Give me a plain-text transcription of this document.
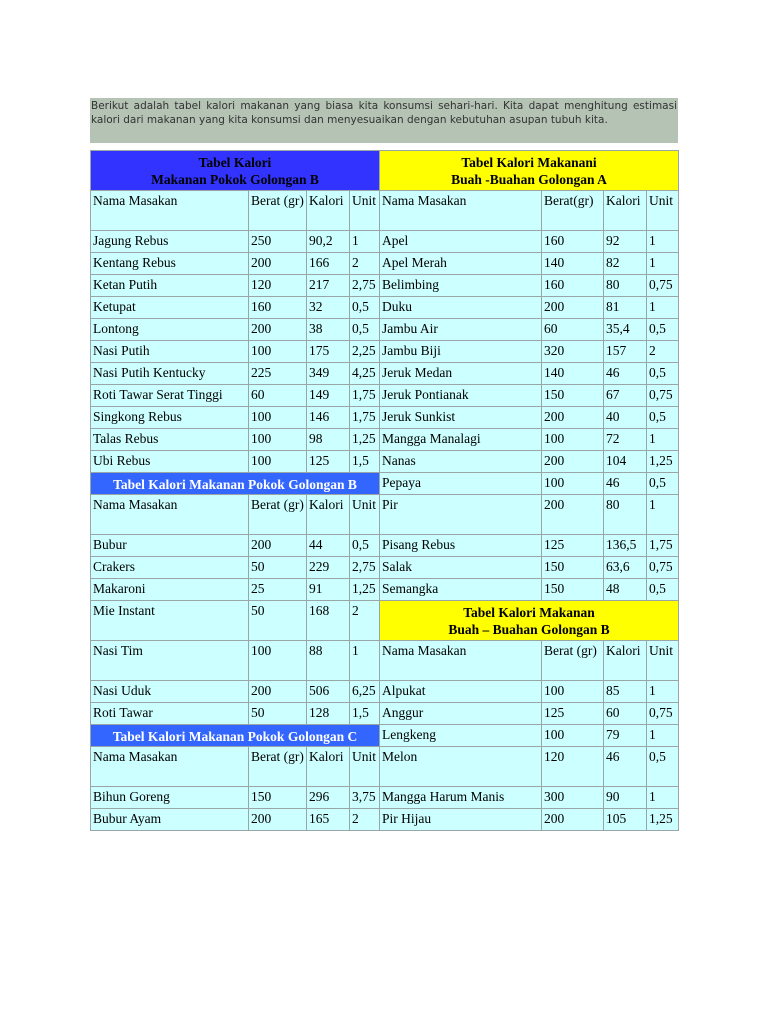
Berikut adalah tabel kalori makanan yang biasa kita konsumsi sehari-hari. Kita dapat menghitung estimasi kalori dari makanan yang kita konsumsi dan menyesuaikan dengan kebutuhan asupan tubuh kita.
Tabel Kalori
Makanan Pokok Golongan B				Tabel Kalori Makanani
Buah -Buahan Golongan A			
Nama Masakan	Berat (gr)	Kalori	Unit	Nama Masakan	Berat(gr)	Kalori	Unit
Jagung Rebus	250	90,2	1	Apel	160	92	1
Kentang Rebus	200	166	2	Apel Merah	140	82	1
Ketan Putih	120	217	2,75	Belimbing	160	80	0,75
Ketupat	160	32	0,5	Duku	200	81	1
Lontong	200	38	0,5	Jambu Air	60	35,4	0,5
Nasi Putih	100	175	2,25	Jambu Biji	320	157	2
Nasi Putih Kentucky	225	349	4,25	Jeruk Medan	140	46	0,5
Roti Tawar Serat Tinggi	60	149	1,75	Jeruk Pontianak	150	67	0,75
Singkong Rebus	100	146	1,75	Jeruk Sunkist	200	40	0,5
Talas Rebus	100	98	1,25	Mangga Manalagi	100	72	1
Ubi Rebus	100	125	1,5	Nanas	200	104	1,25
Tabel Kalori Makanan Pokok Golongan B				Pepaya	100	46	0,5
Nama Masakan	Berat (gr)	Kalori	Unit	Pir	200	80	1
Bubur	200	44	0,5	Pisang Rebus	125	136,5	1,75
Crakers	50	229	2,75	Salak	150	63,6	0,75
Makaroni	25	91	1,25	Semangka	150	48	0,5
Mie Instant	50	168	2	Tabel Kalori Makanan
Buah – Buahan Golongan B			
Nasi Tim	100	88	1	Nama Masakan	Berat (gr)	Kalori	Unit
Nasi Uduk	200	506	6,25	Alpukat	100	85	1
Roti Tawar	50	128	1,5	Anggur	125	60	0,75
Tabel Kalori Makanan Pokok Golongan C				Lengkeng	100	79	1
Nama Masakan	Berat (gr)	Kalori	Unit	Melon	120	46	0,5
Bihun Goreng	150	296	3,75	Mangga Harum Manis	300	90	1
Bubur Ayam	200	165	2	Pir Hijau	200	105	1,25
